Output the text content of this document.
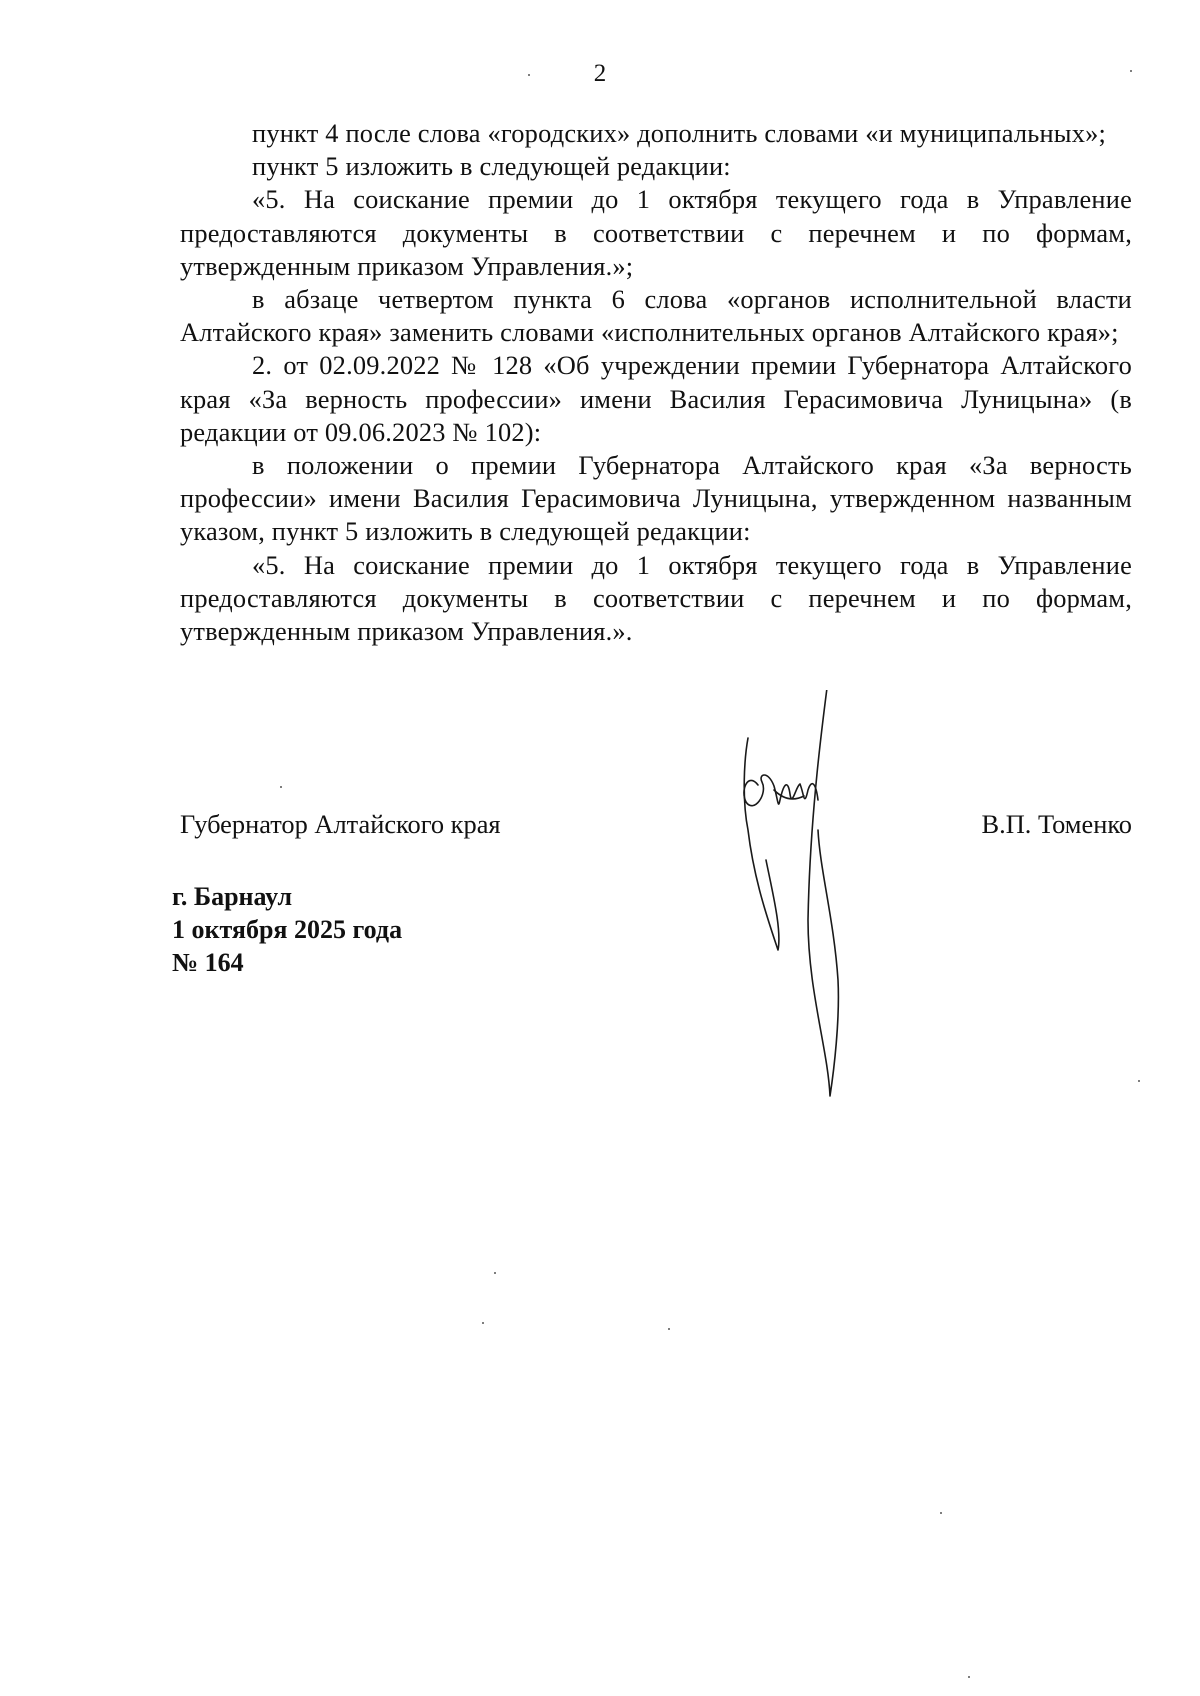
2

пункт 4 после слова «городских» дополнить словами «и муниципальных»;

пункт 5 изложить в следующей редакции:

«5. На соискание премии до 1 октября текущего года в Управление предоставляются документы в соответствии с перечнем и по формам, утвержденным приказом Управления.»;

в абзаце четвертом пункта 6 слова «органов исполнительной власти Алтайского края» заменить словами «исполнительных органов Алтайского края»;

2. от 02.09.2022 № 128 «Об учреждении премии Губернатора Алтайского края «За верность профессии» имени Василия Герасимовича Луницына» (в редакции от 09.06.2023 № 102):

в положении о премии Губернатора Алтайского края «За верность профессии» имени Василия Герасимовича Луницына, утвержденном названным указом, пункт 5 изложить в следующей редакции:

«5. На соискание премии до 1 октября текущего года в Управление предоставляются документы в соответствии с перечнем и по формам, утвержденным приказом Управления.».

Губернатор Алтайского края	В.П. Томенко
г. Барнаул
1 октября 2025 года
№ 164
